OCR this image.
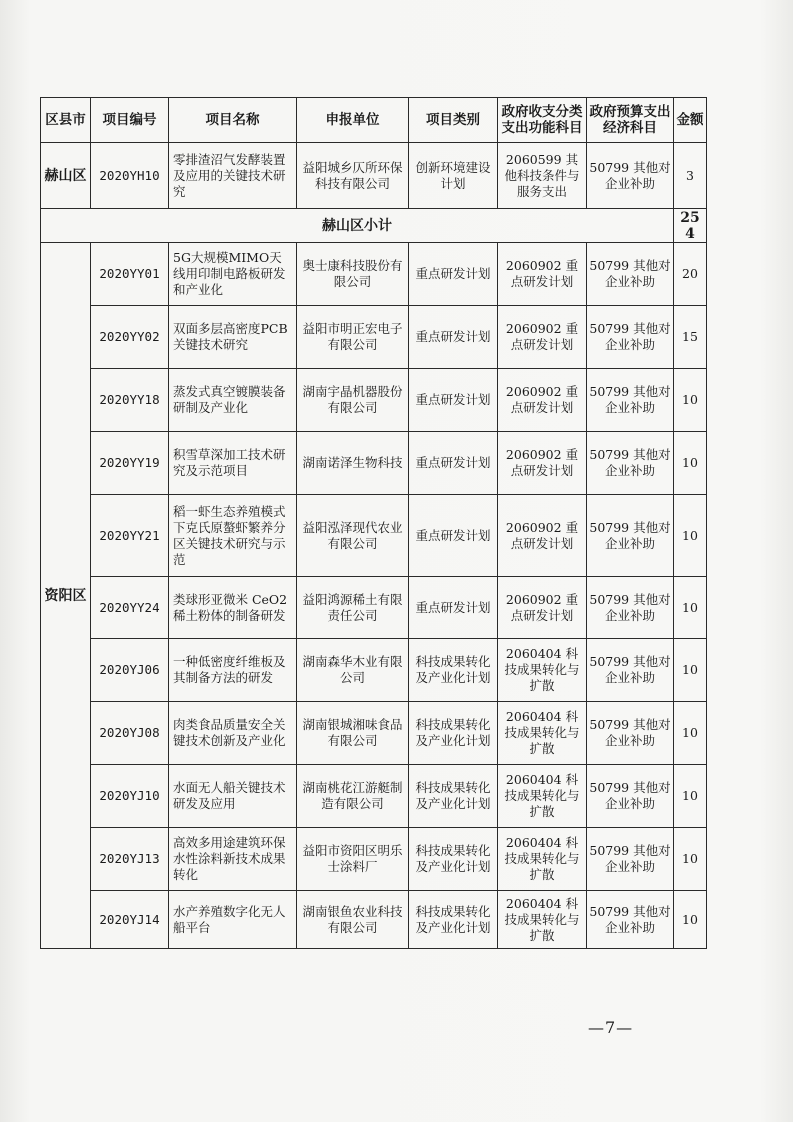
区县市	项目编号	项目名称	申报单位	项目类别	政府收支分类支出功能科目	政府预算支出经济科目	金额
赫山区	2020YH10	零排渣沼气发酵装置及应用的关键技术研究	益阳城乡仄所环保科技有限公司	创新环境建设计划	2060599 其他科技条件与服务支出	50799 其他对企业补助	3
赫山区小计							254
资阳区	2020YY01	5G大规模MIMO天线用印制电路板研发和产业化	奥士康科技股份有限公司	重点研发计划	2060902 重点研发计划	50799 其他对企业补助	20
	2020YY02	双面多层高密度PCB关键技术研究	益阳市明正宏电子有限公司	重点研发计划	2060902 重点研发计划	50799 其他对企业补助	15
	2020YY18	蒸发式真空镀膜装备研制及产业化	湖南宇晶机器股份有限公司	重点研发计划	2060902 重点研发计划	50799 其他对企业补助	10
	2020YY19	积雪草深加工技术研究及示范项目	湖南诺泽生物科技	重点研发计划	2060902 重点研发计划	50799 其他对企业补助	10
	2020YY21	稻一虾生态养殖模式下克氏原螯虾繁养分区关键技术研究与示范	益阳泓泽现代农业有限公司	重点研发计划	2060902 重点研发计划	50799 其他对企业补助	10
	2020YY24	类球形亚微米 CeO2 稀土粉体的制备研发	益阳鸿源稀土有限责任公司	重点研发计划	2060902 重点研发计划	50799 其他对企业补助	10
	2020YJ06	一种低密度纤维板及其制备方法的研发	湖南森华木业有限公司	科技成果转化及产业化计划	2060404 科技成果转化与扩散	50799 其他对企业补助	10
	2020YJ08	肉类食品质量安全关键技术创新及产业化	湖南银城湘味食品有限公司	科技成果转化及产业化计划	2060404 科技成果转化与扩散	50799 其他对企业补助	10
	2020YJ10	水面无人船关键技术研发及应用	湖南桃花江游艇制造有限公司	科技成果转化及产业化计划	2060404 科技成果转化与扩散	50799 其他对企业补助	10
	2020YJ13	高效多用途建筑环保水性涂料新技术成果转化	益阳市资阳区明乐士涂料厂	科技成果转化及产业化计划	2060404 科技成果转化与扩散	50799 其他对企业补助	10
	2020YJ14	水产养殖数字化无人船平台	湖南银鱼农业科技有限公司	科技成果转化及产业化计划	2060404 科技成果转化与扩散	50799 其他对企业补助	10
—7—
